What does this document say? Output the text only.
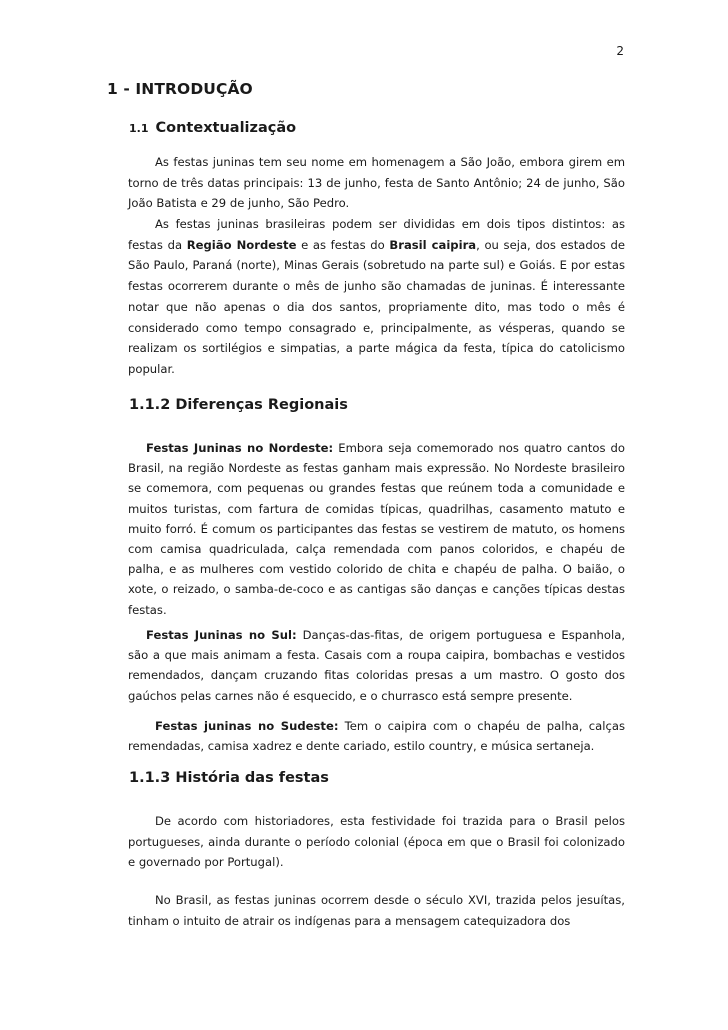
2
1 - INTRODUÇÃO
1.1 Contextualização

As festas juninas tem seu nome em homenagem a São João, embora girem em torno de três datas principais: 13 de junho, festa de Santo Antônio; 24 de junho, São João Batista e 29 de junho, São Pedro.

As festas juninas brasileiras podem ser divididas em dois tipos distintos: as festas da Região Nordeste e as festas do Brasil caipira, ou seja, dos estados de São Paulo, Paraná (norte), Minas Gerais (sobretudo na parte sul) e Goiás. E por estas festas ocorrerem durante o mês de junho são chamadas de juninas. É interessante notar que não apenas o dia dos santos, propriamente dito, mas todo o mês é considerado como tempo consagrado e, principalmente, as vésperas, quando se realizam os sortilégios e simpatias, a parte mágica da festa, típica do catolicismo popular.

1.1.2 Diferenças Regionais

Festas Juninas no Nordeste: Embora seja comemorado nos quatro cantos do Brasil, na região Nordeste as festas ganham mais expressão. No Nordeste brasileiro se comemora, com pequenas ou grandes festas que reúnem toda a comunidade e muitos turistas, com fartura de comidas típicas, quadrilhas, casamento matuto e muito forró. É comum os participantes das festas se vestirem de matuto, os homens com camisa quadriculada, calça remendada com panos coloridos, e chapéu de palha, e as mulheres com vestido colorido de chita e chapéu de palha. O baião, o xote, o reizado, o samba-de-coco e as cantigas são danças e canções típicas destas festas.

Festas Juninas no Sul: Danças-das-fitas, de origem portuguesa e Espanhola, são a que mais animam a festa. Casais com a roupa caipira, bombachas e vestidos remendados, dançam cruzando fitas coloridas presas a um mastro. O gosto dos gaúchos pelas carnes não é esquecido, e o churrasco está sempre presente.

Festas juninas no Sudeste: Tem o caipira com o chapéu de palha, calças remendadas, camisa xadrez e dente cariado, estilo country, e música sertaneja.

1.1.3 História das festas

De acordo com historiadores, esta festividade foi trazida para o Brasil pelos portugueses, ainda durante o período colonial (época em que o Brasil foi colonizado e governado por Portugal).

No Brasil, as festas juninas ocorrem desde o século XVI, trazida pelos jesuítas, tinham o intuito de atrair os indígenas para a mensagem catequizadora dos
